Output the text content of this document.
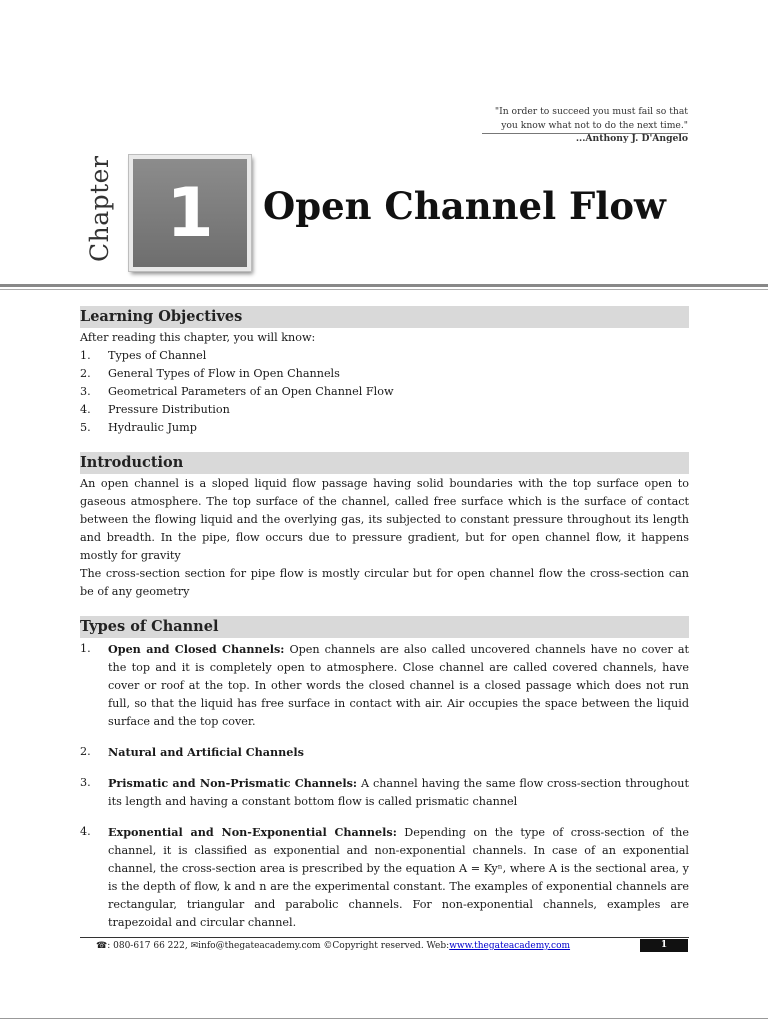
"In order to succeed you must fail so that
you know what not to do the next time."
...Anthony J. D'Angelo
Chapter 1 Open Channel Flow
Learning Objectives
After reading this chapter, you will know:
1.	Types of Channel
2.	General Types of Flow in Open Channels
3.	Geometrical Parameters of an Open Channel Flow
4.	Pressure Distribution
5.	Hydraulic Jump
Introduction

An open channel is a sloped liquid flow passage having solid boundaries with the top surface open to gaseous atmosphere. The top surface of the channel, called free surface which is the surface of contact between the flowing liquid and the overlying gas, its subjected to constant pressure throughout its length and breadth. In the pipe, flow occurs due to pressure gradient, but for open channel flow, it happens mostly for gravity

The cross-section section for pipe flow is mostly circular but for open channel flow the cross-section can be of any geometry

Types of Channel
1.	Open and Closed Channels: Open channels are also called uncovered channels have no cover at the top and it is completely open to atmosphere. Close channel are called covered channels, have cover or roof at the top. In other words the closed channel is a closed passage which does not run full, so that the liquid has free surface in contact with air. Air occupies the space between the liquid surface and the top cover.
2.	Natural and Artificial Channels
3.	Prismatic and Non-Prismatic Channels: A channel having the same flow cross-section throughout its length and having a constant bottom flow is called prismatic channel
4.	Exponential and Non-Exponential Channels: Depending on the type of cross-section of the channel, it is classified as exponential and non-exponential channels. In case of an exponential channel, the cross-section area is prescribed by the equation A = Kyⁿ, where A is the sectional area, y is the depth of flow, k and n are the experimental constant. The examples of exponential channels are rectangular, triangular and parabolic channels. For non-exponential channels, examples are trapezoidal and circular channel.
☎: 080-617 66 222, ✉info@thegateacademy.com ©Copyright reserved. Web:www.thegateacademy.com	1
